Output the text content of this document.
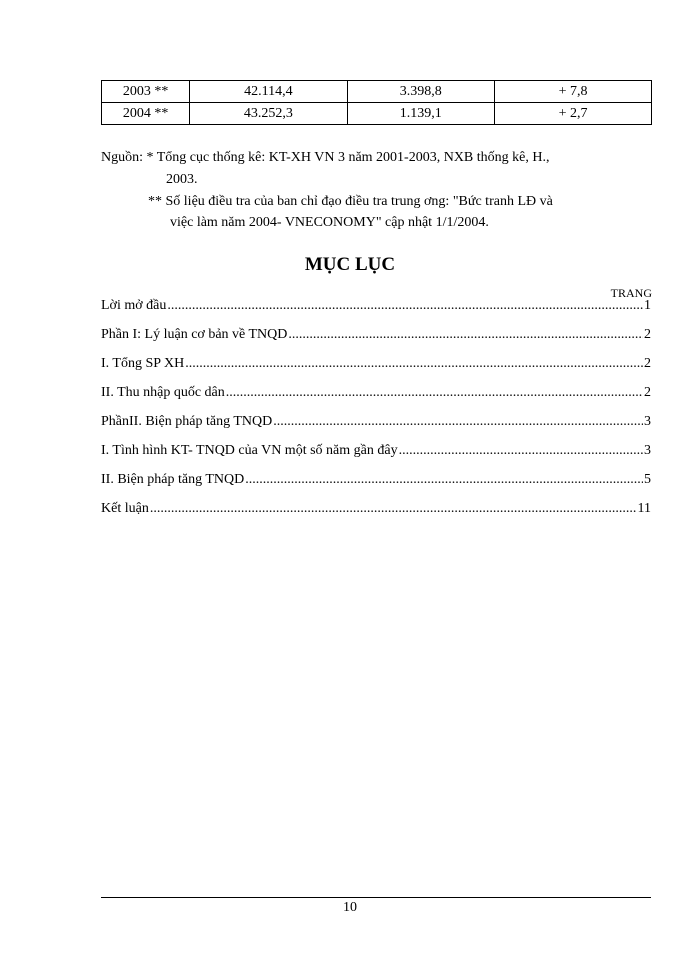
2003 **	42.114,4	3.398,8	+ 7,8
2004 **	43.252,3	1.139,1	+ 2,7
Nguồn: * Tổng cục thống kê: KT-XH VN 3 năm 2001-2003, NXB thống kê, H.,
2003.
** Số liệu điều tra của ban chỉ đạo điều tra trung ơng: "Bức tranh LĐ và
việc làm năm 2004- VNECONOMY" cập nhật 1/1/2004.
MỤC LỤC
TRANG
Lời mở đầu .....	1
Phần I: Lý luận cơ bản về TNQD .....	2
I. Tổng SP XH .....	2
II. Thu nhập quốc dân .....	2
PhầnII. Biện pháp tăng TNQD .....	3
I. Tình hình KT- TNQD của VN một số năm gần đây .....	3
II. Biện pháp tăng TNQD .....	5
Kết luận .....	11
10
